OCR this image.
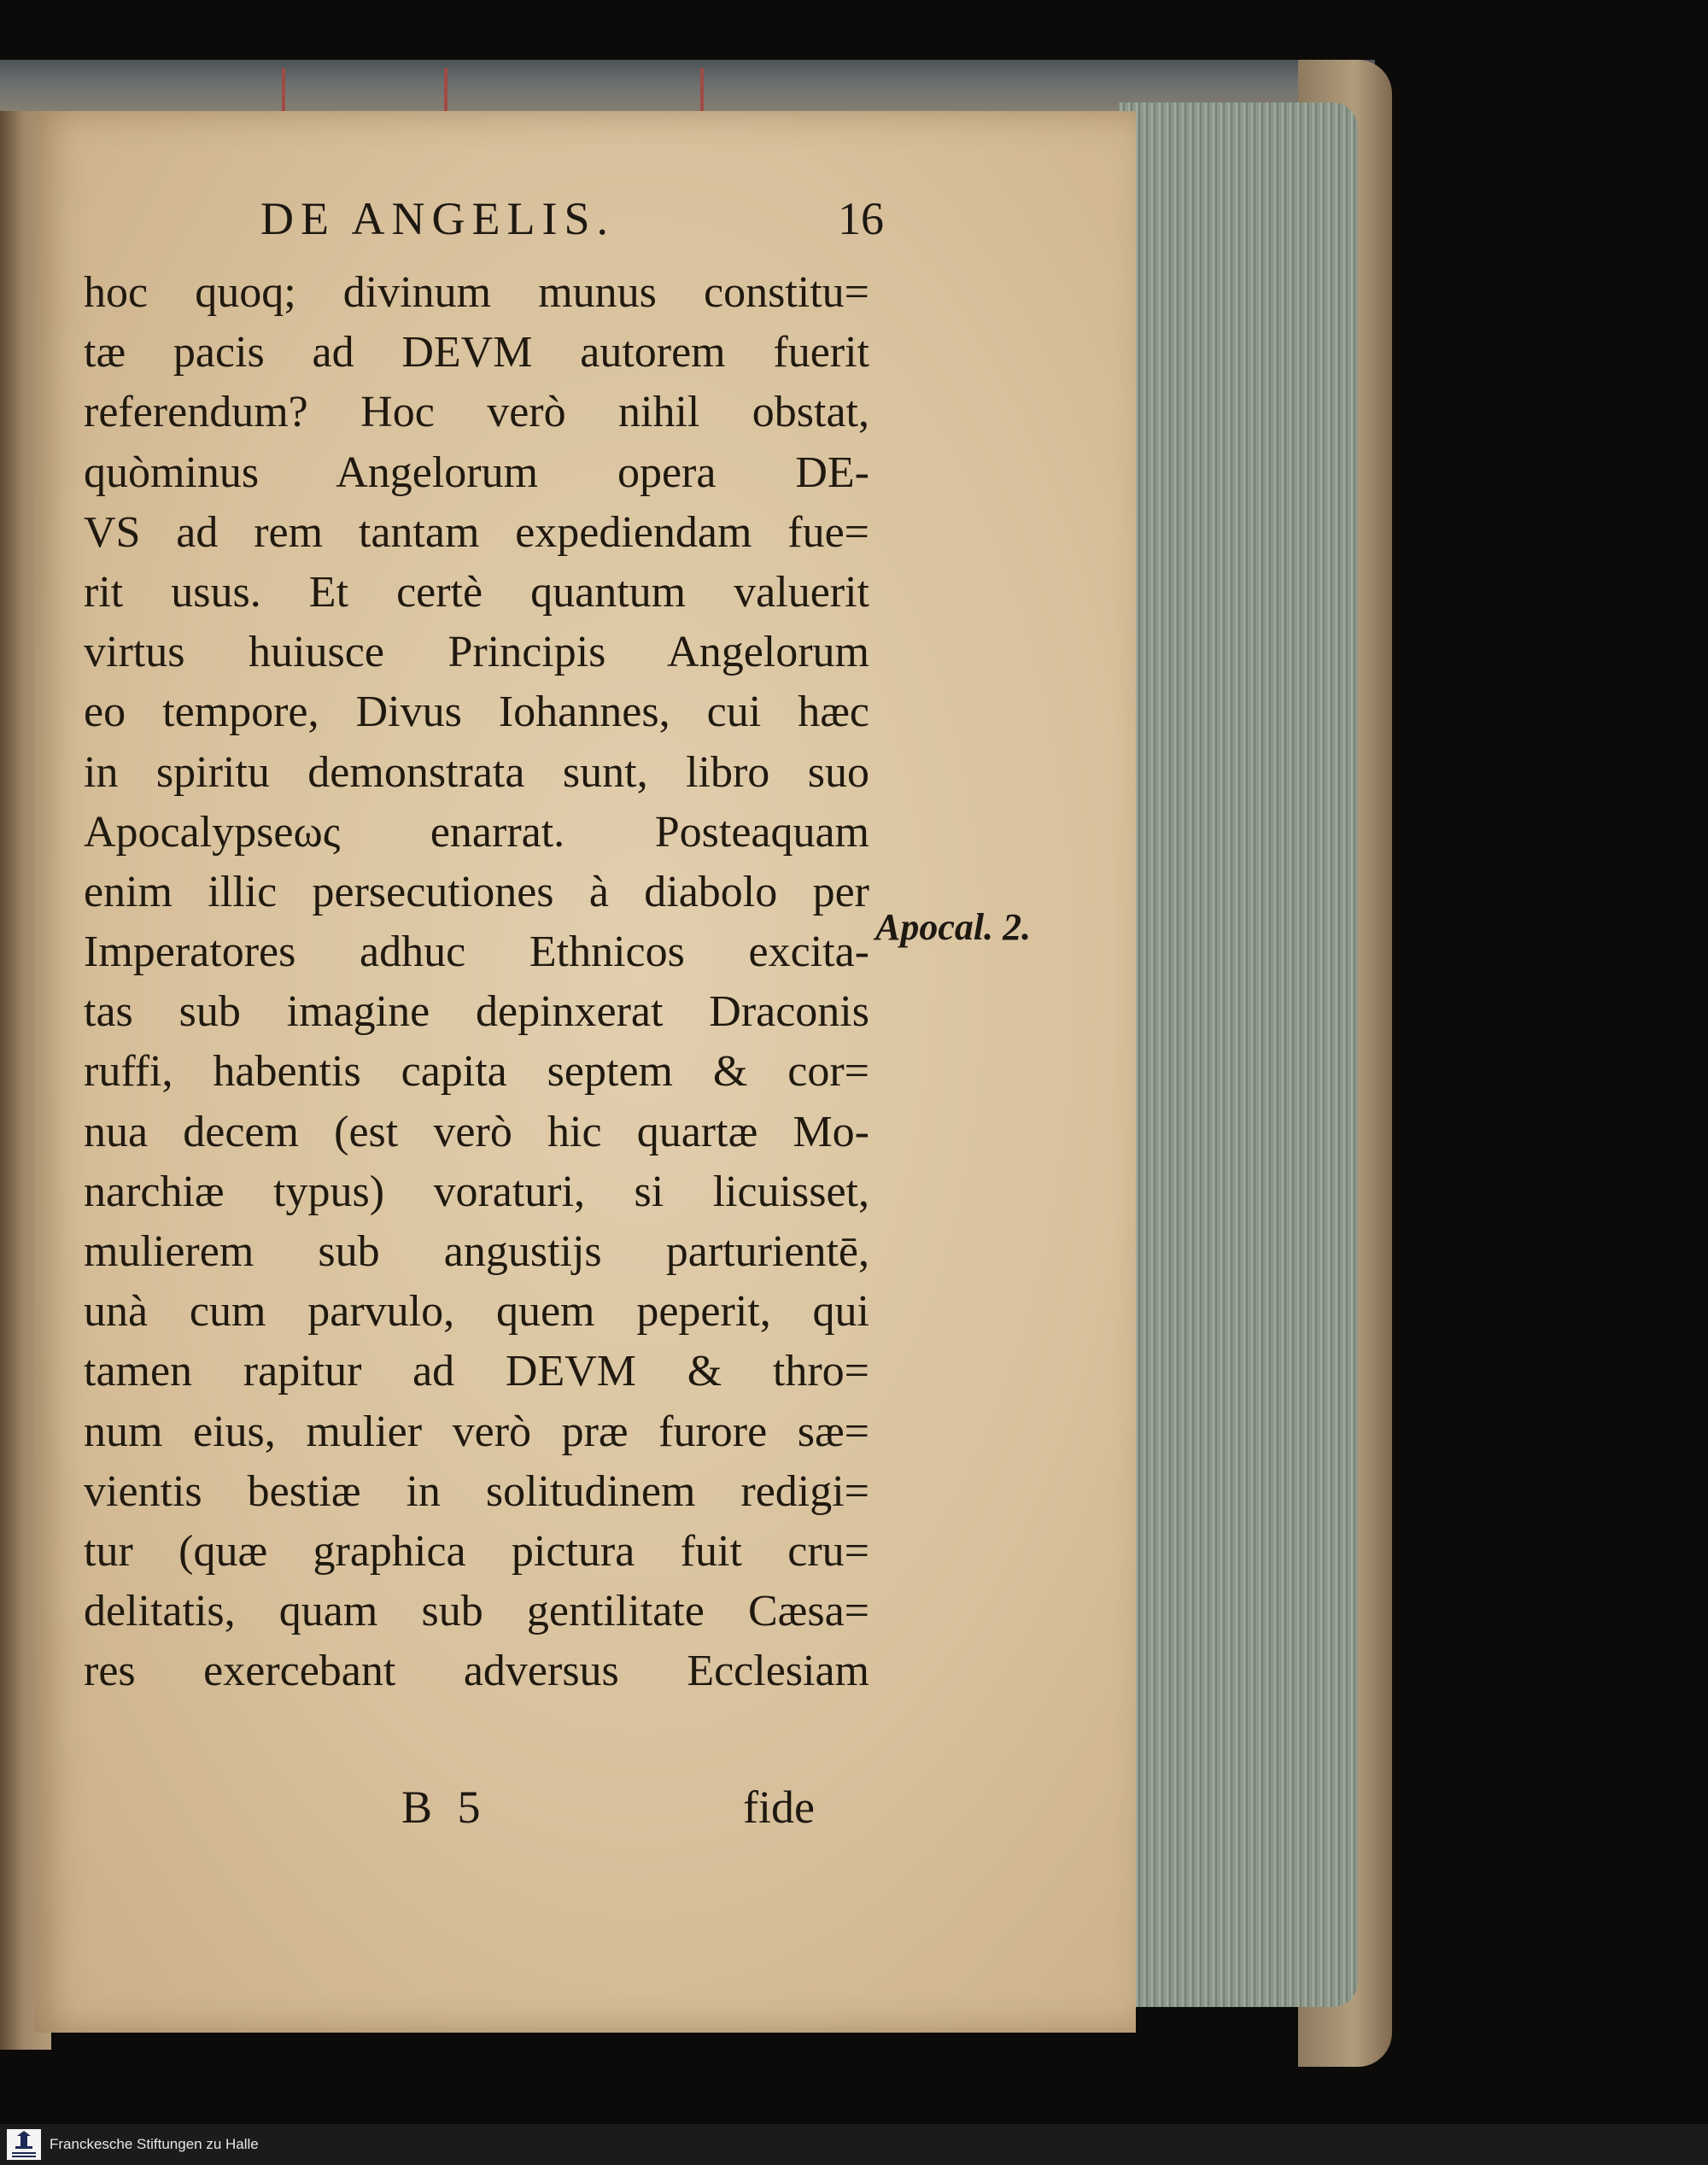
DE ANGELIS.	16
hoc quoq; divinum munus constitu=
tæ pacis ad DEVM autorem fuerit
referendum? Hoc verò nihil obstat,
quòminus Angelorum opera DE-
VS ad rem tantam expediendam fue=
rit usus. Et certè quantum valuerit
virtus huiusce Principis Angelorum
eo tempore, Divus Iohannes, cui hæc
in spiritu demonstrata sunt, libro suo
Apocalypseως enarrat. Posteaquam
enim illic persecutiones à diabolo per
Imperatores adhuc Ethnicos excita-
tas sub imagine depinxerat Draconis
ruffi, habentis capita septem & cor=
nua decem (est verò hic quartæ Mo-
narchiæ typus) voraturi, si licuisset,
mulierem sub angustijs parturientē,
unà cum parvulo, quem peperit, qui
tamen rapitur ad DEVM & thro=
num eius, mulier verò præ furore sæ=
vientis bestiæ in solitudinem redigi=
tur (quæ graphica pictura fuit cru=
delitatis, quam sub gentilitate Cæsa=
res exercebant adversus Ecclesiam
Apocal. 2.
B 5	fide
Franckesche Stiftungen zu Halle
